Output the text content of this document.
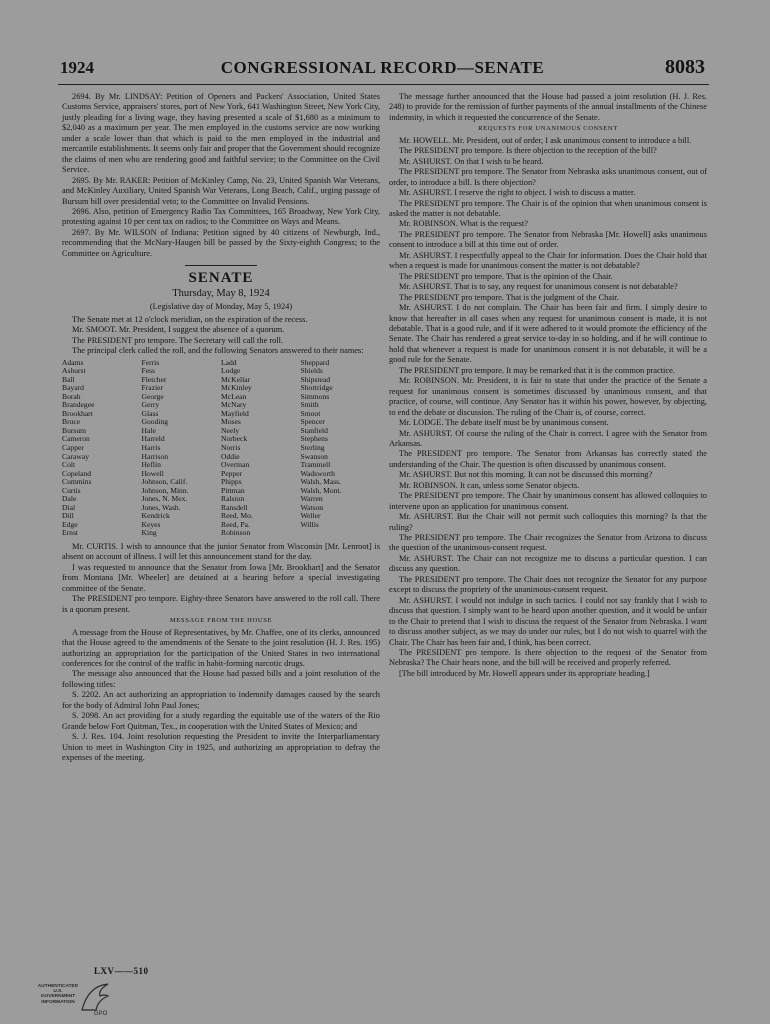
1924	CONGRESSIONAL RECORD—SENATE	8083

2694. By Mr. LINDSAY: Petition of Openers and Packers' Association, United States Customs Service, appraisers' stores, port of New York, 641 Washington Street, New York City, justly pleading for a living wage, they having presented a scale of $1,680 as a minimum to $2,040 as a maximum per year. The men employed in the customs service are now working under a scale lower than that which is paid to the men employed in the industrial and mercantile establishments. It seems only fair and proper that the Government should recognize the claims of men who are rendering good and faithful service; to the Committee on the Civil Service.

2695. By Mr. RAKER: Petition of McKinley Camp, No. 23, United Spanish War Veterans, and McKinley Auxiliary, United Spanish War Veterans, Long Beach, Calif., urging passage of Bursum bill over presidential veto; to the Committee on Invalid Pensions.

2696. Also, petition of Emergency Radio Tax Committees, 165 Broadway, New York City, protesting against 10 per cent tax on radios; to the Committee on Ways and Means.

2697. By Mr. WILSON of Indiana: Petition signed by 40 citizens of Newburgh, Ind., recommending that the McNary-Haugen bill be passed by the Sixty-eighth Congress; to the Committee on Agriculture.

SENATE
Thursday, May 8, 1924
(Legislative day of Monday, May 5, 1924)

The Senate met at 12 o'clock meridian, on the expiration of the recess.

Mr. SMOOT. Mr. President, I suggest the absence of a quorum.

The PRESIDENT pro tempore. The Secretary will call the roll.

The principal clerk called the roll, and the following Senators answered to their names:

Adams
Ashurst
Ball
Bayard
Borah
Brandegee
Brookhart
Bruce
Bursum
Cameron
Capper
Caraway
Colt
Copeland
Cummins
Curtis
Dale
Dial
Dill
Edge
Ernst
Ferris
Fess
Fletcher
Frazier
George
Gerry
Glass
Gooding
Hale
Harreld
Harris
Harrison
Heflin
Howell
Johnson, Calif.
Johnson, Minn.
Jones, N. Mex.
Jones, Wash.
Kendrick
Keyes
King
Ladd
Lodge
McKellar
McKinley
McLean
McNary
Mayfield
Moses
Neely
Norbeck
Norris
Oddie
Overman
Pepper
Phipps
Pittman
Ralston
Ransdell
Reed, Mo.
Reed, Pa.
Robinson
Sheppard
Shields
Shipstead
Shortridge
Simmons
Smith
Smoot
Spencer
Stanfield
Stephens
Sterling
Swanson
Trammell
Wadsworth
Walsh, Mass.
Walsh, Mont.
Warren
Watson
Weller
Willis

Mr. CURTIS. I wish to announce that the junior Senator from Wisconsin [Mr. Lenroot] is absent on account of illness. I will let this announcement stand for the day.

I was requested to announce that the Senator from Iowa [Mr. Brookhart] and the Senator from Montana [Mr. Wheeler] are detained at a hearing before a special investigating committee of the Senate.

The PRESIDENT pro tempore. Eighty-three Senators have answered to the roll call. There is a quorum present.

MESSAGE FROM THE HOUSE

A message from the House of Representatives, by Mr. Chaffee, one of its clerks, announced that the House agreed to the amendments of the Senate to the joint resolution (H. J. Res. 195) authorizing an appropriation for the participation of the United States in two international conferences for the control of the traffic in habit-forming narcotic drugs.

The message also announced that the House had passed bills and a joint resolution of the following titles:

S. 2202. An act authorizing an appropriation to indemnify damages caused by the search for the body of Admiral John Paul Jones;

S. 2098. An act providing for a study regarding the equitable use of the waters of the Rio Grande below Fort Quitman, Tex., in cooperation with the United States of Mexico; and

S. J. Res. 104. Joint resolution requesting the President to invite the Interparliamentary Union to meet in Washington City in 1925, and authorizing an appropriation to defray the expenses of the meeting.

The message further announced that the House had passed a joint resolution (H. J. Res. 248) to provide for the remission of further payments of the annual installments of the Chinese indemnity, in which it requested the concurrence of the Senate.

REQUESTS FOR UNANIMOUS CONSENT

Mr. HOWELL. Mr. President, out of order, I ask unanimous consent to introduce a bill.

The PRESIDENT pro tempore. Is there objection to the reception of the bill?

Mr. ASHURST. On that I wish to be heard.

The PRESIDENT pro tempore. The Senator from Nebraska asks unanimous consent, out of order, to introduce a bill. Is there objection?

Mr. ASHURST. I reserve the right to object. I wish to discuss a matter.

The PRESIDENT pro tempore. The Chair is of the opinion that when unanimous consent is asked the matter is not debatable.

Mr. ROBINSON. What is the request?

The PRESIDENT pro tempore. The Senator from Nebraska [Mr. Howell] asks unanimous consent to introduce a bill at this time out of order.

Mr. ASHURST. I respectfully appeal to the Chair for information. Does the Chair hold that when a request is made for unanimous consent the matter is not debatable?

The PRESIDENT pro tempore. That is the opinion of the Chair.

Mr. ASHURST. That is to say, any request for unanimous consent is not debatable?

The PRESIDENT pro tempore. That is the judgment of the Chair.

Mr. ASHURST. I do not complain. The Chair has been fair and firm. I simply desire to know that hereafter in all cases when any request for unanimous consent is made, it is not debatable. That is a good rule, and if it were adhered to it would promote the efficiency of the Senate. The Chair has rendered a great service to-day in so holding, and if he will continue to hold that whenever a request is made for unanimous consent it is not debatable, it will be a good rule for the Senate.

The PRESIDENT pro tempore. It may be remarked that it is the common practice.

Mr. ROBINSON. Mr. President, it is fair to state that under the practice of the Senate a request for unanimous consent is sometimes discussed by unanimous consent, and that practice, of course, will continue. Any Senator has it within his power, however, by objecting, to end the debate or discussion. The ruling of the Chair is, of course, correct.

Mr. LODGE. The debate itself must be by unanimous consent.

Mr. ASHURST. Of course the ruling of the Chair is correct. I agree with the Senator from Arkansas.

The PRESIDENT pro tempore. The Senator from Arkansas has correctly stated the understanding of the Chair. The question is often discussed by unanimous consent.

Mr. ASHURST. But not this morning. It can not be discussed this morning?

Mr. ROBINSON. It can, unless some Senator objects.

The PRESIDENT pro tempore. The Chair by unanimous consent has allowed colloquies to intervene upon an application for unanimous consent.

Mr. ASHURST. But the Chair will not permit such colloquies this morning? Is that the ruling?

The PRESIDENT pro tempore. The Chair recognizes the Senator from Arizona to discuss the question of the unanimous-consent request.

Mr. ASHURST. The Chair can not recognize me to discuss a particular question. I can discuss any question.

The PRESIDENT pro tempore. The Chair does not recognize the Senator for any purpose except to discuss the propriety of the unanimous-consent request.

Mr. ASHURST. I would not indulge in such tactics. I could not say frankly that I wish to discuss that question. I simply want to be heard upon another question, and it would be unfair to the Chair to pretend that I wish to discuss the request of the Senator from Nebraska. I want to discuss another subject, as we may do under our rules, but I do not wish to quarrel with the Chair. The Chair has been fair and, I think, has been correct.

The PRESIDENT pro tempore. Is there objection to the request of the Senator from Nebraska? The Chair hears none, and the bill will be received and properly referred.

[The bill introduced by Mr. Howell appears under its appropriate heading.]

LXV——510
AUTHENTICATED
U.S. GOVERNMENT
INFORMATION
GPO
